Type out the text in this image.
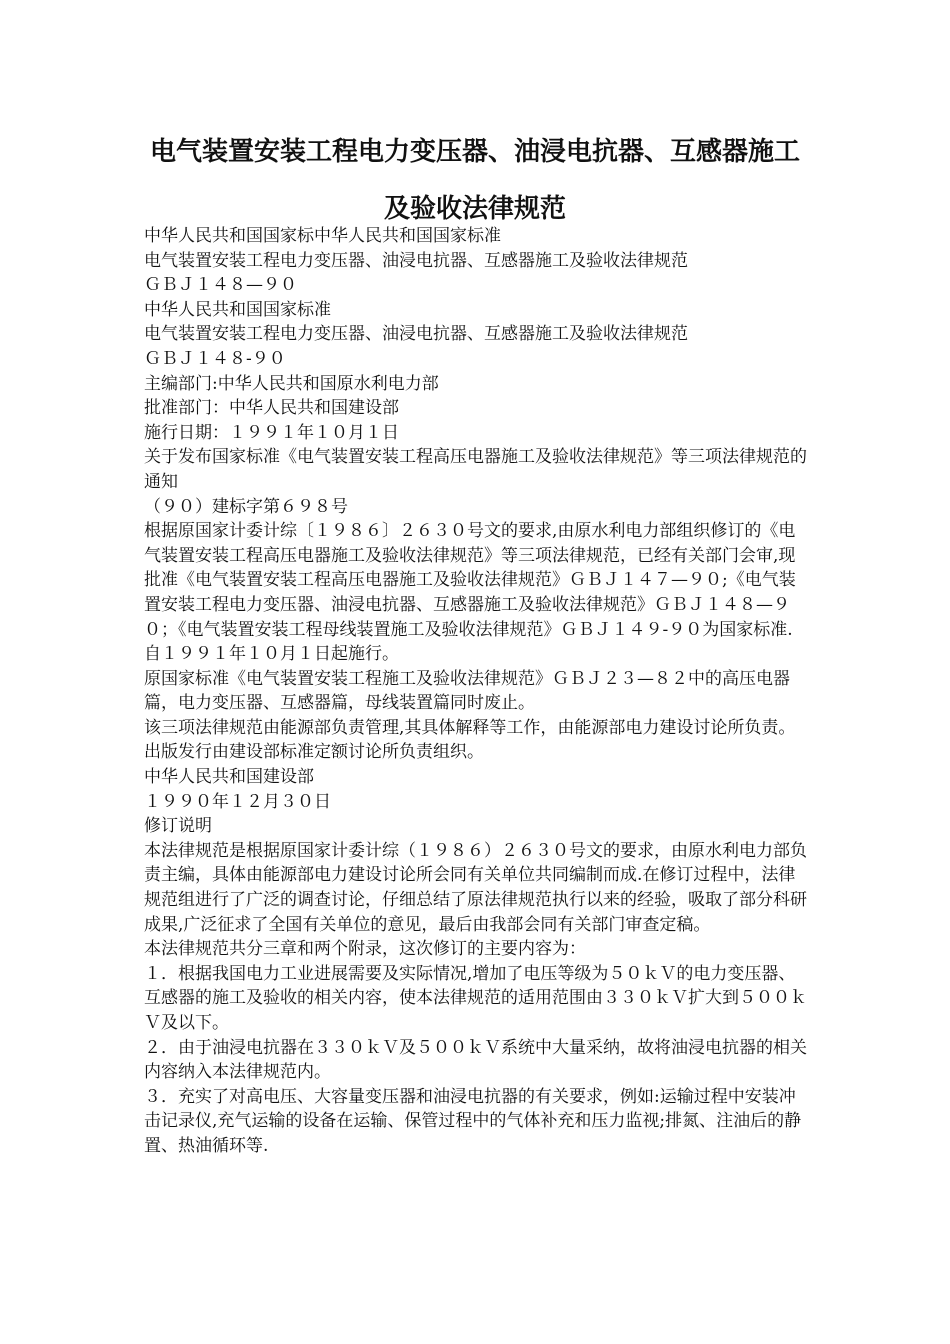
电气装置安装工程电力变压器、油浸电抗器、互感器施工
及验收法律规范

中华人民共和国国家标中华人民共和国国家标准

电气装置安装工程电力变压器、油浸电抗器、互感器施工及验收法律规范

ＧＢＪ１４８—９０

中华人民共和国国家标准

电气装置安装工程电力变压器、油浸电抗器、互感器施工及验收法律规范

ＧＢＪ１４８-９０

主编部门:中华人民共和国原水利电力部

批准部门：中华人民共和国建设部

施行日期：１９９１年１０月１日

关于发布国家标准《电气装置安装工程高压电器施工及验收法律规范》等三项法律规范的通知

（９０）建标字第６９８号

根据原国家计委计综〔１９８６〕２６３０号文的要求,由原水利电力部组织修订的《电气装置安装工程高压电器施工及验收法律规范》等三项法律规范，已经有关部门会审,现批准《电气装置安装工程高压电器施工及验收法律规范》ＧＢＪ１４７—９０;《电气装置安装工程电力变压器、油浸电抗器、互感器施工及验收法律规范》ＧＢＪ１４８—９０；《电气装置安装工程母线装置施工及验收法律规范》ＧＢＪ１４９-９０为国家标准.

自１９９１年１０月１日起施行。

原国家标准《电气装置安装工程施工及验收法律规范》ＧＢＪ２３—８２中的高压电器篇，电力变压器、互感器篇，母线装置篇同时废止。

该三项法律规范由能源部负责管理,其具体解释等工作，由能源部电力建设讨论所负责。出版发行由建设部标准定额讨论所负责组织。

中华人民共和国建设部

１９９０年１２月３０日

修订说明

本法律规范是根据原国家计委计综（１９８６）２６３０号文的要求，由原水利电力部负责主编，具体由能源部电力建设讨论所会同有关单位共同编制而成.在修订过程中，法律规范组进行了广泛的调查讨论，仔细总结了原法律规范执行以来的经验，吸取了部分科研成果,广泛征求了全国有关单位的意见，最后由我部会同有关部门审查定稿。

本法律规范共分三章和两个附录，这次修订的主要内容为：

１．根据我国电力工业进展需要及实际情况,增加了电压等级为５０ｋＶ的电力变压器、互感器的施工及验收的相关内容，使本法律规范的适用范围由３３０ｋＶ扩大到５００ｋＶ及以下。

２．由于油浸电抗器在３３０ｋＶ及５００ｋＶ系统中大量采纳，故将油浸电抗器的相关内容纳入本法律规范内。

３．充实了对高电压、大容量变压器和油浸电抗器的有关要求，例如:运输过程中安装冲击记录仪,充气运输的设备在运输、保管过程中的气体补充和压力监视;排氮、注油后的静置、热油循环等.
